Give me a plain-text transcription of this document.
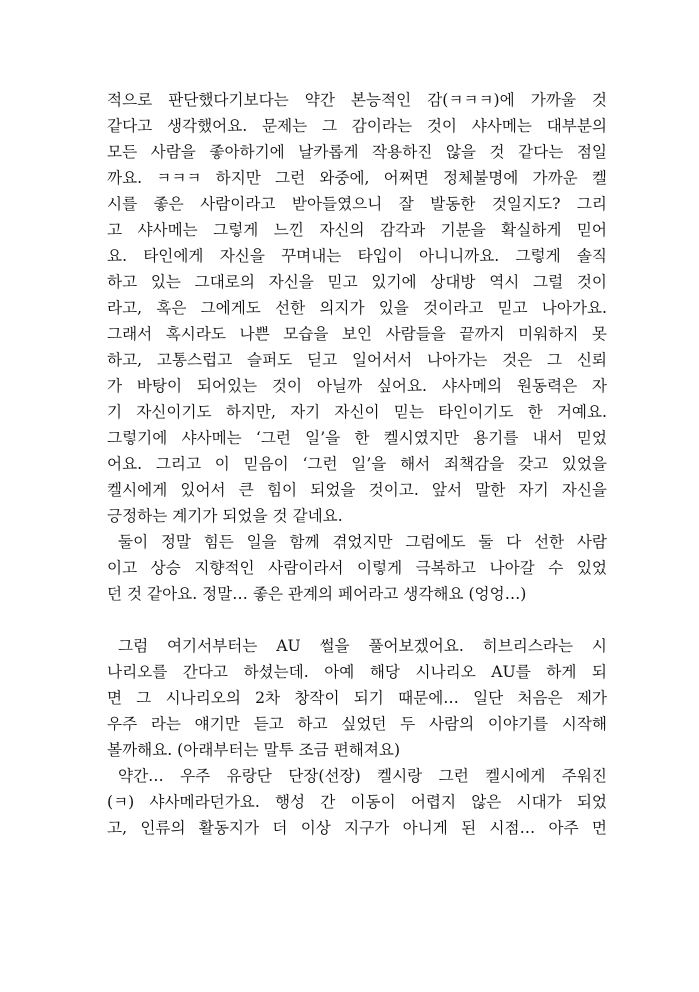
적으로 판단했다기보다는 약간 본능적인 감(ㅋㅋㅋ)에 가까울 것
같다고 생각했어요. 문제는 그 감이라는 것이 샤사메는 대부분의
모든 사람을 좋아하기에 날카롭게 작용하진 않을 것 같다는 점일
까요. ㅋㅋㅋ 하지만 그런 와중에, 어쩌면 정체불명에 가까운 켈
시를 좋은 사람이라고 받아들였으니 잘 발동한 것일지도? 그리
고 샤사메는 그렇게 느낀 자신의 감각과 기분을 확실하게 믿어
요. 타인에게 자신을 꾸며내는 타입이 아니니까요. 그렇게 솔직
하고 있는 그대로의 자신을 믿고 있기에 상대방 역시 그럴 것이
라고, 혹은 그에게도 선한 의지가 있을 것이라고 믿고 나아가요.
그래서 혹시라도 나쁜 모습을 보인 사람들을 끝까지 미워하지 못
하고, 고통스럽고 슬퍼도 딛고 일어서서 나아가는 것은 그 신뢰
가 바탕이 되어있는 것이 아닐까 싶어요. 샤사메의 원동력은 자
기 자신이기도 하지만, 자기 자신이 믿는 타인이기도 한 거예요.
그렇기에 샤사메는 ‘그런 일’을 한 켈시였지만 용기를 내서 믿었
어요. 그리고 이 믿음이 ‘그런 일’을 해서 죄책감을 갖고 있었을
켈시에게 있어서 큰 힘이 되었을 것이고. 앞서 말한 자기 자신을
긍정하는 계기가 되었을 것 같네요.
둘이 정말 힘든 일을 함께 겪었지만 그럼에도 둘 다 선한 사람
이고 상승 지향적인 사람이라서 이렇게 극복하고 나아갈 수 있었
던 것 같아요. 정말… 좋은 관계의 페어라고 생각해요 (엉엉…)
그럼 여기서부터는 AU 썰을 풀어보겠어요. 히브리스라는 시
나리오를 간다고 하셨는데. 아예 해당 시나리오 AU를 하게 되
면 그 시나리오의 2차 창작이 되기 때문에… 일단 처음은 제가
우주 라는 얘기만 듣고 하고 싶었던 두 사람의 이야기를 시작해
볼까해요. (아래부터는 말투 조금 편해져요)
약간… 우주 유랑단 단장(선장) 켈시랑 그런 켈시에게 주워진
(ㅋ) 샤사메라던가요. 행성 간 이동이 어렵지 않은 시대가 되었
고, 인류의 활동지가 더 이상 지구가 아니게 된 시점… 아주 먼
